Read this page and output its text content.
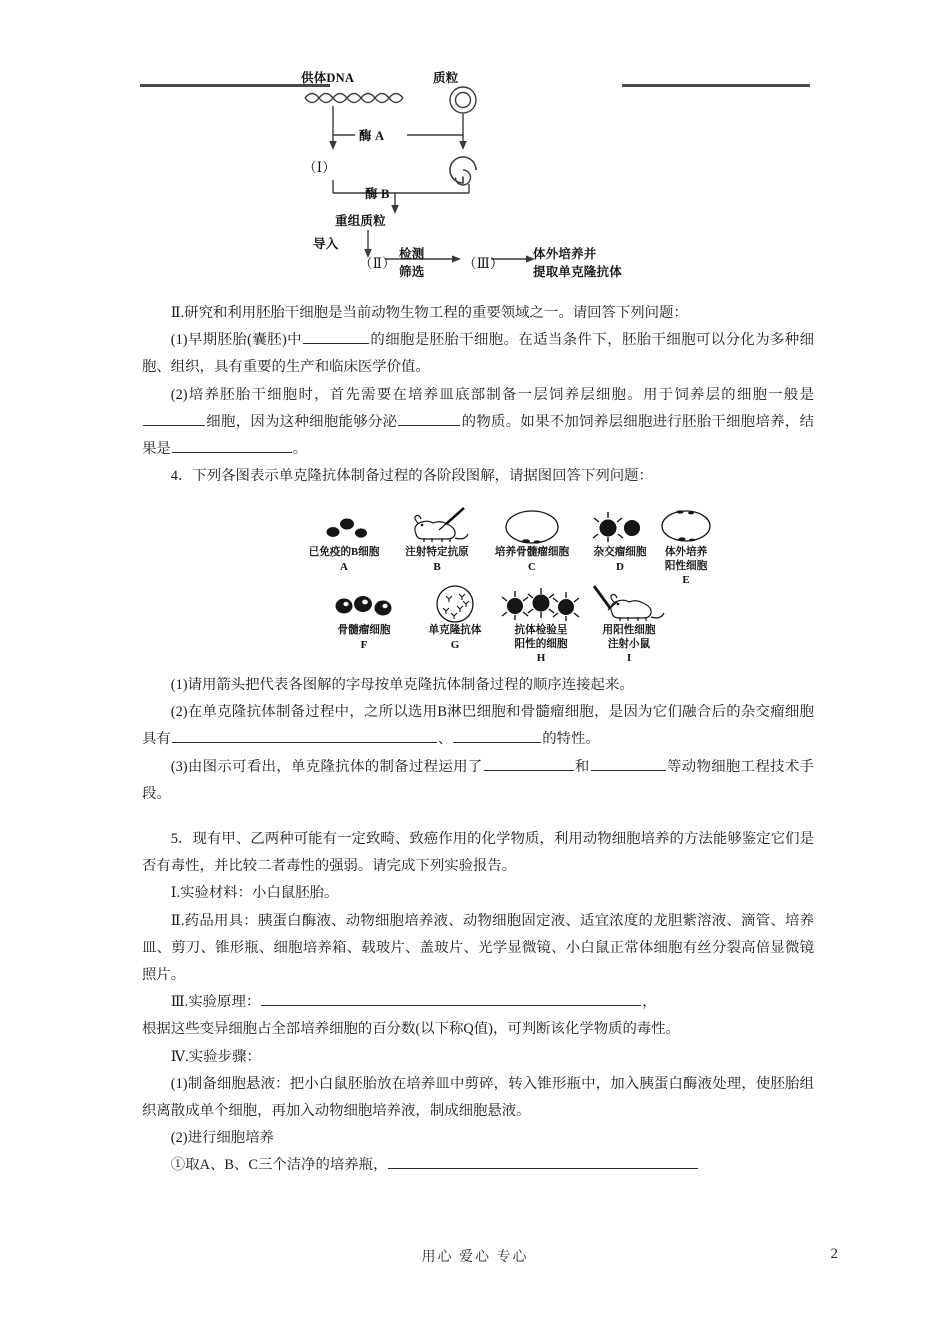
供体DNA	质粒
酶 A
（Ⅰ）
酶 B
重组质粒
导入
（Ⅱ）
检测
筛选
（Ⅲ）
体外培养并
提取单克隆抗体

Ⅱ.研究和利用胚胎干细胞是当前动物生物工程的重要领域之一。请回答下列问题：

(1)早期胚胎(囊胚)中	的细胞是胚胎干细胞。在适当条件下，胚胎干细胞可以分化为多种细胞、组织，具有重要的生产和临床医学价值。

(2)培养胚胎干细胞时，首先需要在培养皿底部制备一层饲养层细胞。用于饲养层的细胞一般是细胞，因为这种细胞能够分泌	的物质。如果不加饲养层细胞进行胚胎干细胞培养，结果是	。

4．下列各图表示单克隆抗体制备过程的各阶段图解，请据图回答下列问题：

已免疫的B细胞
A
注射特定抗原
B
培养骨髓瘤细胞
C
杂交瘤细胞
D
体外培养
阳性细胞
E
骨髓瘤细胞
F
单克隆抗体
G
抗体检验呈
阳性的细胞
H
用阳性细胞
注射小鼠
I

(1)请用箭头把代表各图解的字母按单克隆抗体制备过程的顺序连接起来。

(2)在单克隆抗体制备过程中，之所以选用B淋巴细胞和骨髓瘤细胞，是因为它们融合后的杂交瘤细胞具有	、	的特性。

(3)由图示可看出，单克隆抗体的制备过程运用了	和	等动物细胞工程技术手段。

5．现有甲、乙两种可能有一定致畸、致癌作用的化学物质，利用动物细胞培养的方法能够鉴定它们是否有毒性，并比较二者毒性的强弱。请完成下列实验报告。

Ⅰ.实验材料：小白鼠胚胎。

Ⅱ.药品用具：胰蛋白酶液、动物细胞培养液、动物细胞固定液、适宜浓度的龙胆紫溶液、滴管、培养皿、剪刀、锥形瓶、细胞培养箱、载玻片、盖玻片、光学显微镜、小白鼠正常体细胞有丝分裂高倍显微镜照片。

Ⅲ.实验原理：	，

根据这些变异细胞占全部培养细胞的百分数(以下称Q值)，可判断该化学物质的毒性。

Ⅳ.实验步骤：

(1)制备细胞悬液：把小白鼠胚胎放在培养皿中剪碎，转入锥形瓶中，加入胰蛋白酶液处理，使胚胎组织离散成单个细胞，再加入动物细胞培养液，制成细胞悬液。

(2)进行细胞培养

①取A、B、C三个洁净的培养瓶，

用心 爱心 专心	2
